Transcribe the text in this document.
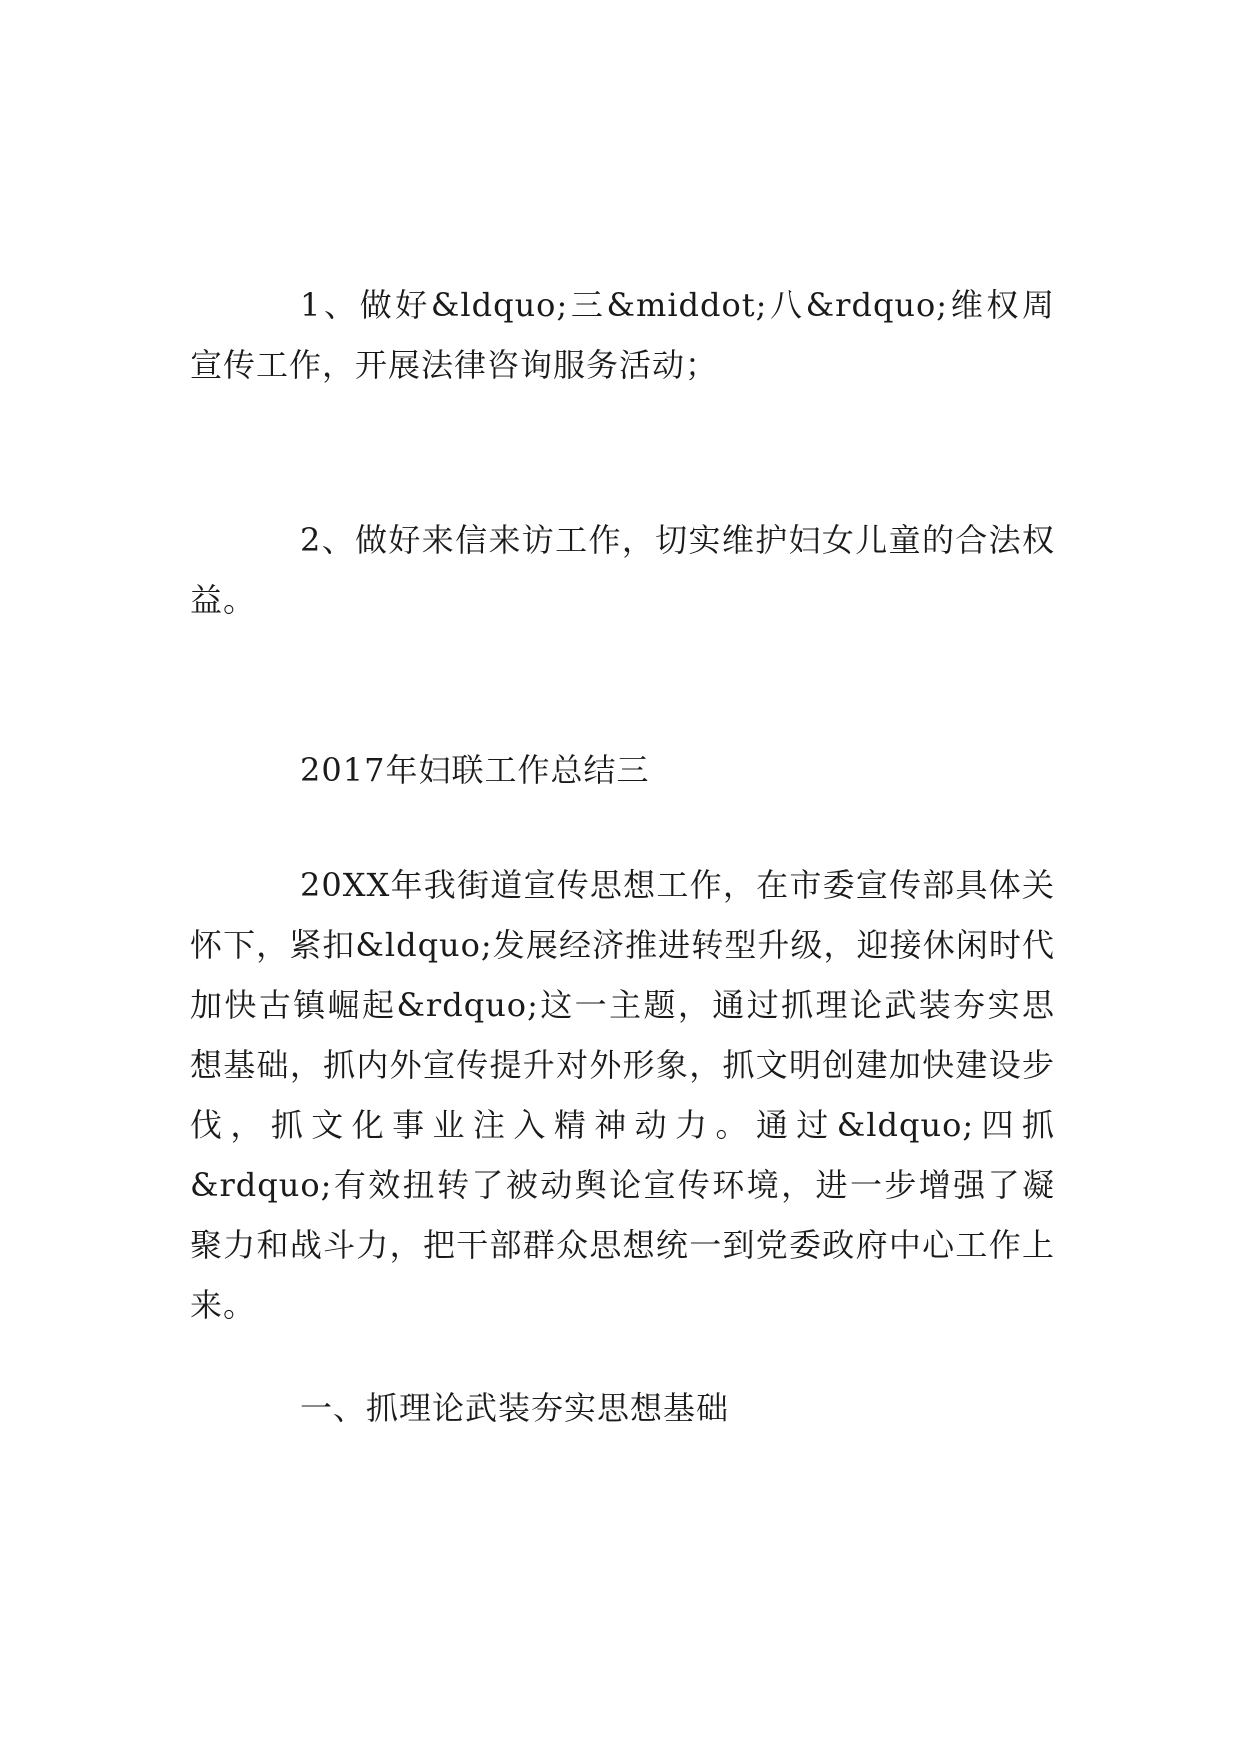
1、做好&ldquo;三&middot;八&rdquo;维权周宣传工作，开展法律咨询服务活动；

2、做好来信来访工作，切实维护妇女儿童的合法权益。

2017年妇联工作总结三

20XX年我街道宣传思想工作，在市委宣传部具体关怀下，紧扣&ldquo;发展经济推进转型升级，迎接休闲时代加快古镇崛起&rdquo;这一主题，通过抓理论武装夯实思想基础，抓内外宣传提升对外形象，抓文明创建加快建设步伐，抓文化事业注入精神动力。通过&ldquo;四抓&rdquo;有效扭转了被动舆论宣传环境，进一步增强了凝聚力和战斗力，把干部群众思想统一到党委政府中心工作上来。

一、抓理论武装夯实思想基础
